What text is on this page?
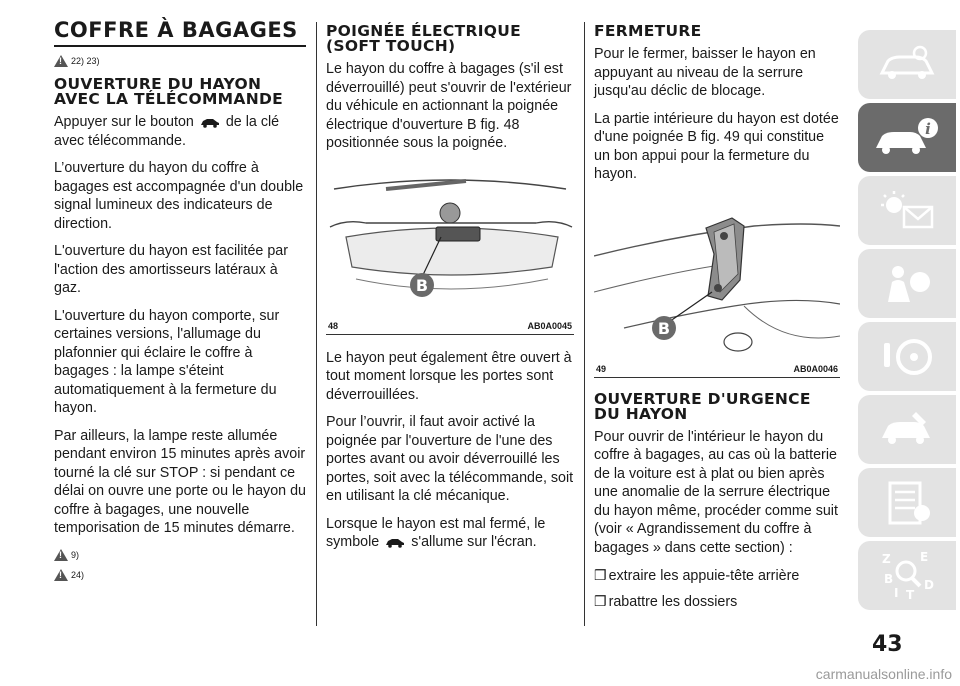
COFFRE À BAGAGES
!
22) 23)
OUVERTURE DU HAYON AVEC LA TÉLÉCOMMANDE

Appuyer sur le bouton de la clé avec télécommande.

L’ouverture du hayon du coffre à bagages est accompagnée d'un double signal lumineux des indicateurs de direction.

L'ouverture du hayon est facilitée par l'action des amortisseurs latéraux à gaz.

L'ouverture du hayon comporte, sur certaines versions, l'allumage du plafonnier qui éclaire le coffre à bagages : la lampe s'éteint automatiquement à la fermeture du hayon.

Par ailleurs, la lampe reste allumée pendant environ 15 minutes après avoir tourné la clé sur STOP : si pendant ce délai on ouvre une porte ou le hayon du coffre à bagages, une nouvelle temporisation de 15 minutes démarre.

!
9)
!
24)
POIGNÉE ÉLECTRIQUE (SOFT TOUCH)

Le hayon du coffre à bagages (s'il est déverrouillé) peut s'ouvrir de l'extérieur du véhicule en actionnant la poignée électrique d'ouverture B fig. 48 positionnée sous la poignée.

B
48	AB0A0045

Le hayon peut également être ouvert à tout moment lorsque les portes sont déverrouillées.

Pour l’ouvrir, il faut avoir activé la poignée par l'ouverture de l'une des portes avant ou avoir déverrouillé les portes, soit avec la télécommande, soit en utilisant la clé mécanique.

Lorsque le hayon est mal fermé, le
symbole s'allume sur l'écran.

FERMETURE

Pour le fermer, baisser le hayon en appuyant au niveau de la serrure jusqu'au déclic de blocage.

La partie intérieure du hayon est dotée d'une poignée B fig. 49 qui constitue un bon appui pour la fermeture du hayon.

B
49	AB0A0046
OUVERTURE D'URGENCE DU HAYON

Pour ouvrir de l'intérieur le hayon du coffre à bagages, au cas où la batterie de la voiture est à plat ou bien après une anomalie de la serrure électrique du hayon même, procéder comme suit (voir « Agrandissement du coffre à bagages » dans cette section) :

❒ extraire les appuie-tête arrière

❒ rabattre les dossiers

i
Z E
B
I T
D
43
carmanualsonline.info
